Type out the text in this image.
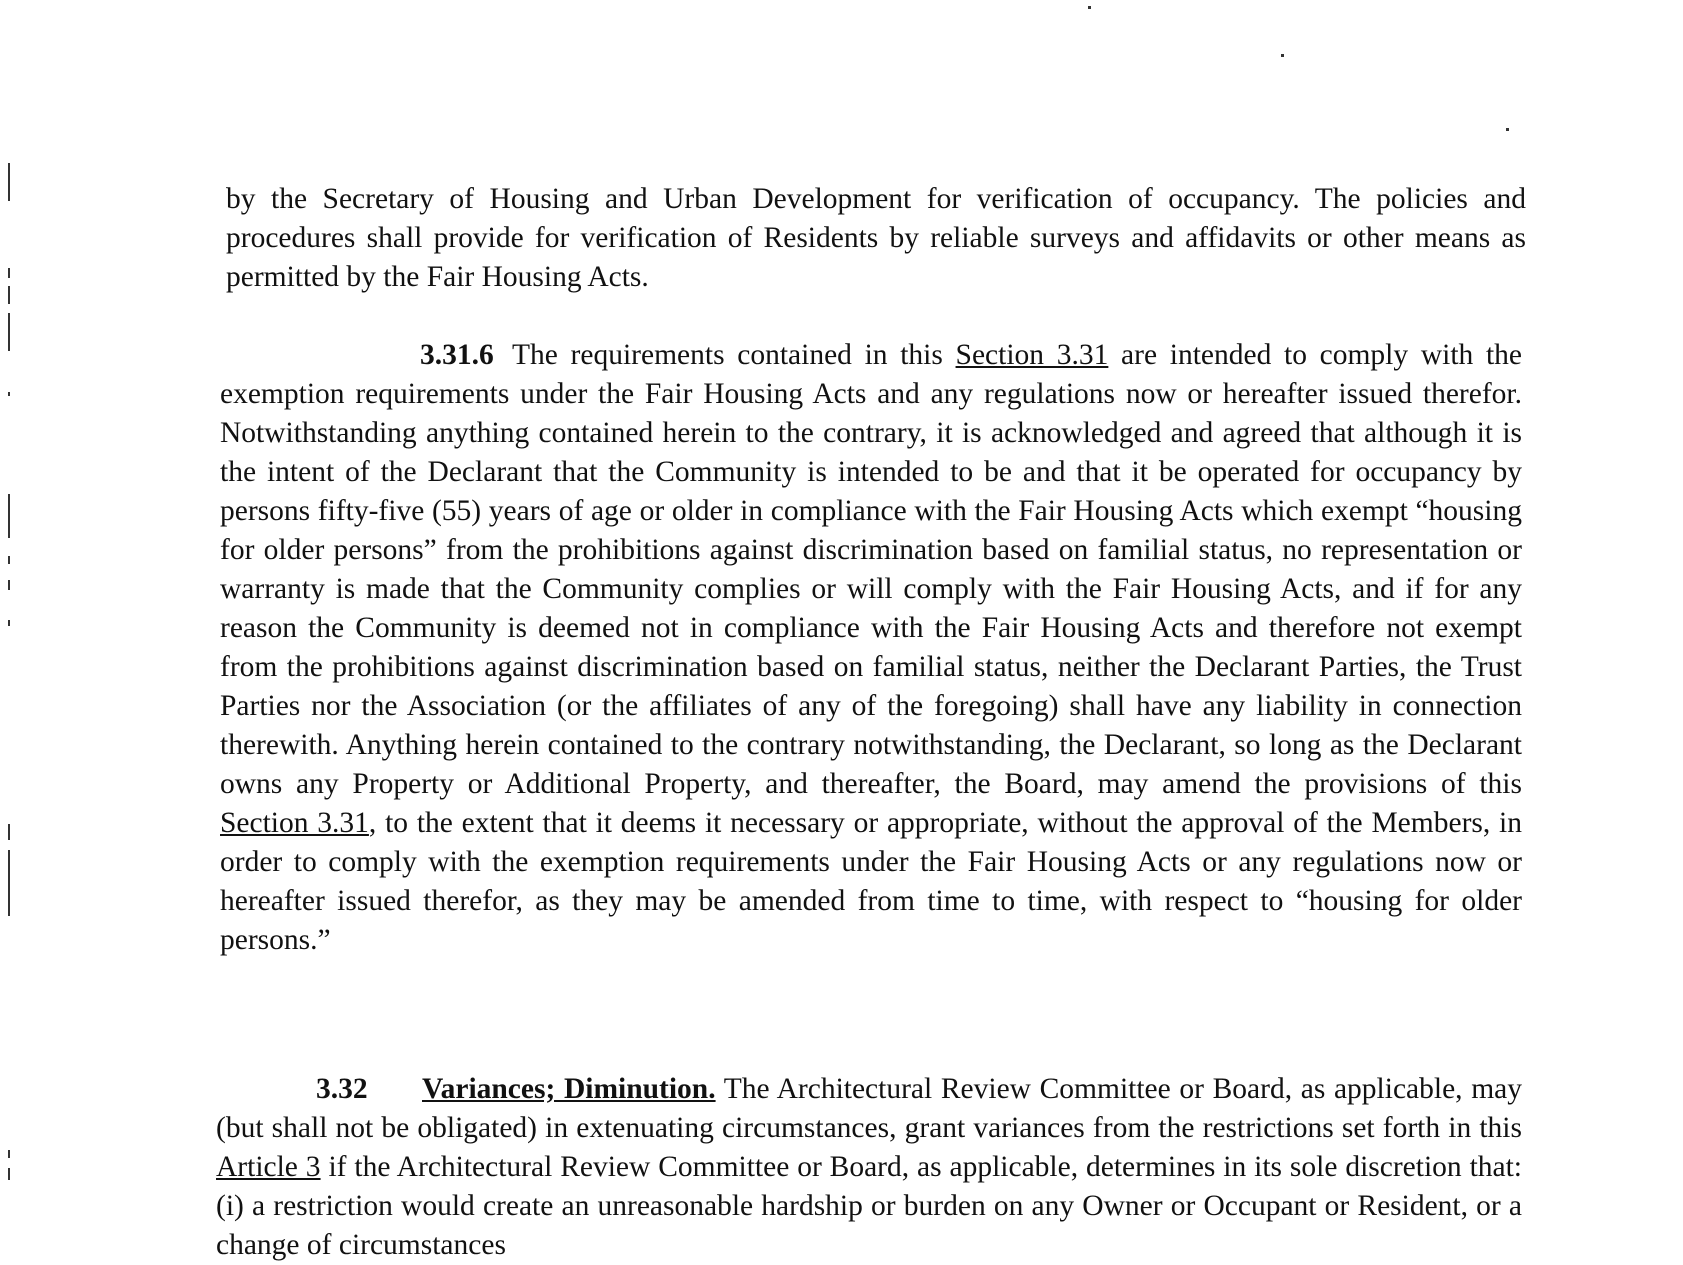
by the Secretary of Housing and Urban Development for verification of occupancy. The policies and procedures shall provide for verification of Residents by reliable surveys and affidavits or other means as permitted by the Fair Housing Acts.

3.31.6 The requirements contained in this Section 3.31 are intended to comply with the exemption requirements under the Fair Housing Acts and any regulations now or hereafter issued therefor. Notwithstanding anything contained herein to the contrary, it is acknowledged and agreed that although it is the intent of the Declarant that the Community is intended to be and that it be operated for occupancy by persons fifty-five (55) years of age or older in compliance with the Fair Housing Acts which exempt “housing for older persons” from the prohibitions against discrimination based on familial status, no representation or warranty is made that the Community complies or will comply with the Fair Housing Acts, and if for any reason the Community is deemed not in compliance with the Fair Housing Acts and therefore not exempt from the prohibitions against discrimination based on familial status, neither the Declarant Parties, the Trust Parties nor the Association (or the affiliates of any of the foregoing) shall have any liability in connection therewith. Anything herein contained to the contrary notwithstanding, the Declarant, so long as the Declarant owns any Property or Additional Property, and thereafter, the Board, may amend the provisions of this Section 3.31, to the extent that it deems it necessary or appropriate, without the approval of the Members, in order to comply with the exemption requirements under the Fair Housing Acts or any regulations now or hereafter issued therefor, as they may be amended from time to time, with respect to “housing for older persons.”

3.32 Variances; Diminution. The Architectural Review Committee or Board, as applicable, may (but shall not be obligated) in extenuating circumstances, grant variances from the restrictions set forth in this Article 3 if the Architectural Review Committee or Board, as applicable, determines in its sole discretion that: (i) a restriction would create an unreasonable hardship or burden on any Owner or Occupant or Resident, or a change of circumstances
